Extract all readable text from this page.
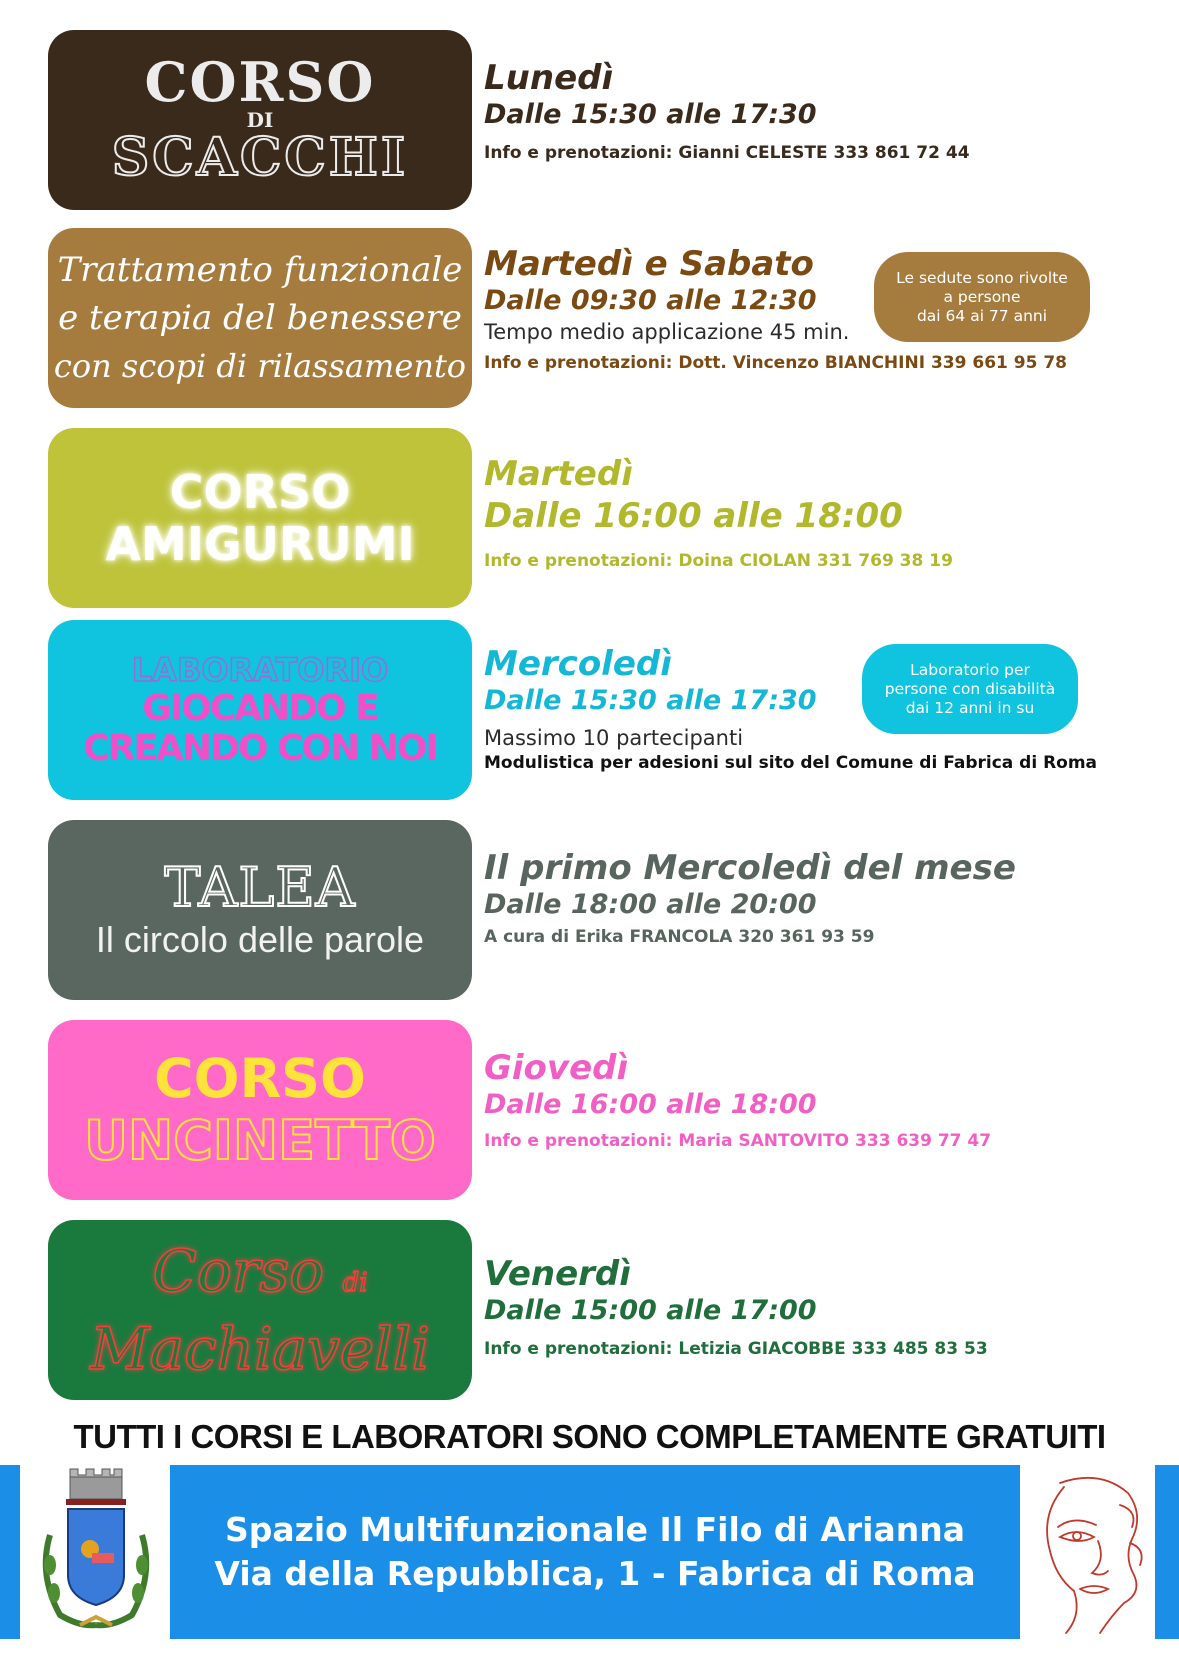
CORSO
DI
SCACCHI
Lunedì
Dalle 15:30 alle 17:30
Info e prenotazioni: Gianni CELESTE 333 861 72 44
Trattamento funzionale
e terapia del benessere
con scopi di rilassamento
Martedì e Sabato
Dalle 09:30 alle 12:30
Tempo medio applicazione 45 min.
Info e prenotazioni: Dott. Vincenzo BIANCHINI 339 661 95 78
Le sedute sono rivolte
a persone
dai 64 ai 77 anni
CORSO
AMIGURUMI
Martedì
Dalle 16:00 alle 18:00
Info e prenotazioni: Doina CIOLAN 331 769 38 19
LABORATORIO
GIOCANDO E
CREANDO CON NOI
Mercoledì
Dalle 15:30 alle 17:30
Massimo 10 partecipanti
Modulistica per adesioni sul sito del Comune di Fabrica di Roma
Laboratorio per
persone con disabilità
dai 12 anni in su
TALEA
Il circolo delle parole
Il primo Mercoledì del mese
Dalle 18:00 alle 20:00
A cura di Erika FRANCOLA 320 361 93 59
CORSO
UNCINETTO
Giovedì
Dalle 16:00 alle 18:00
Info e prenotazioni: Maria SANTOVITO 333 639 77 47
Corso di
Machiavelli
Venerdì
Dalle 15:00 alle 17:00
Info e prenotazioni: Letizia GIACOBBE 333 485 83 53
TUTTI I CORSI E LABORATORI SONO COMPLETAMENTE GRATUITI
Spazio Multifunzionale Il Filo di Arianna
Via della Repubblica, 1 - Fabrica di Roma
